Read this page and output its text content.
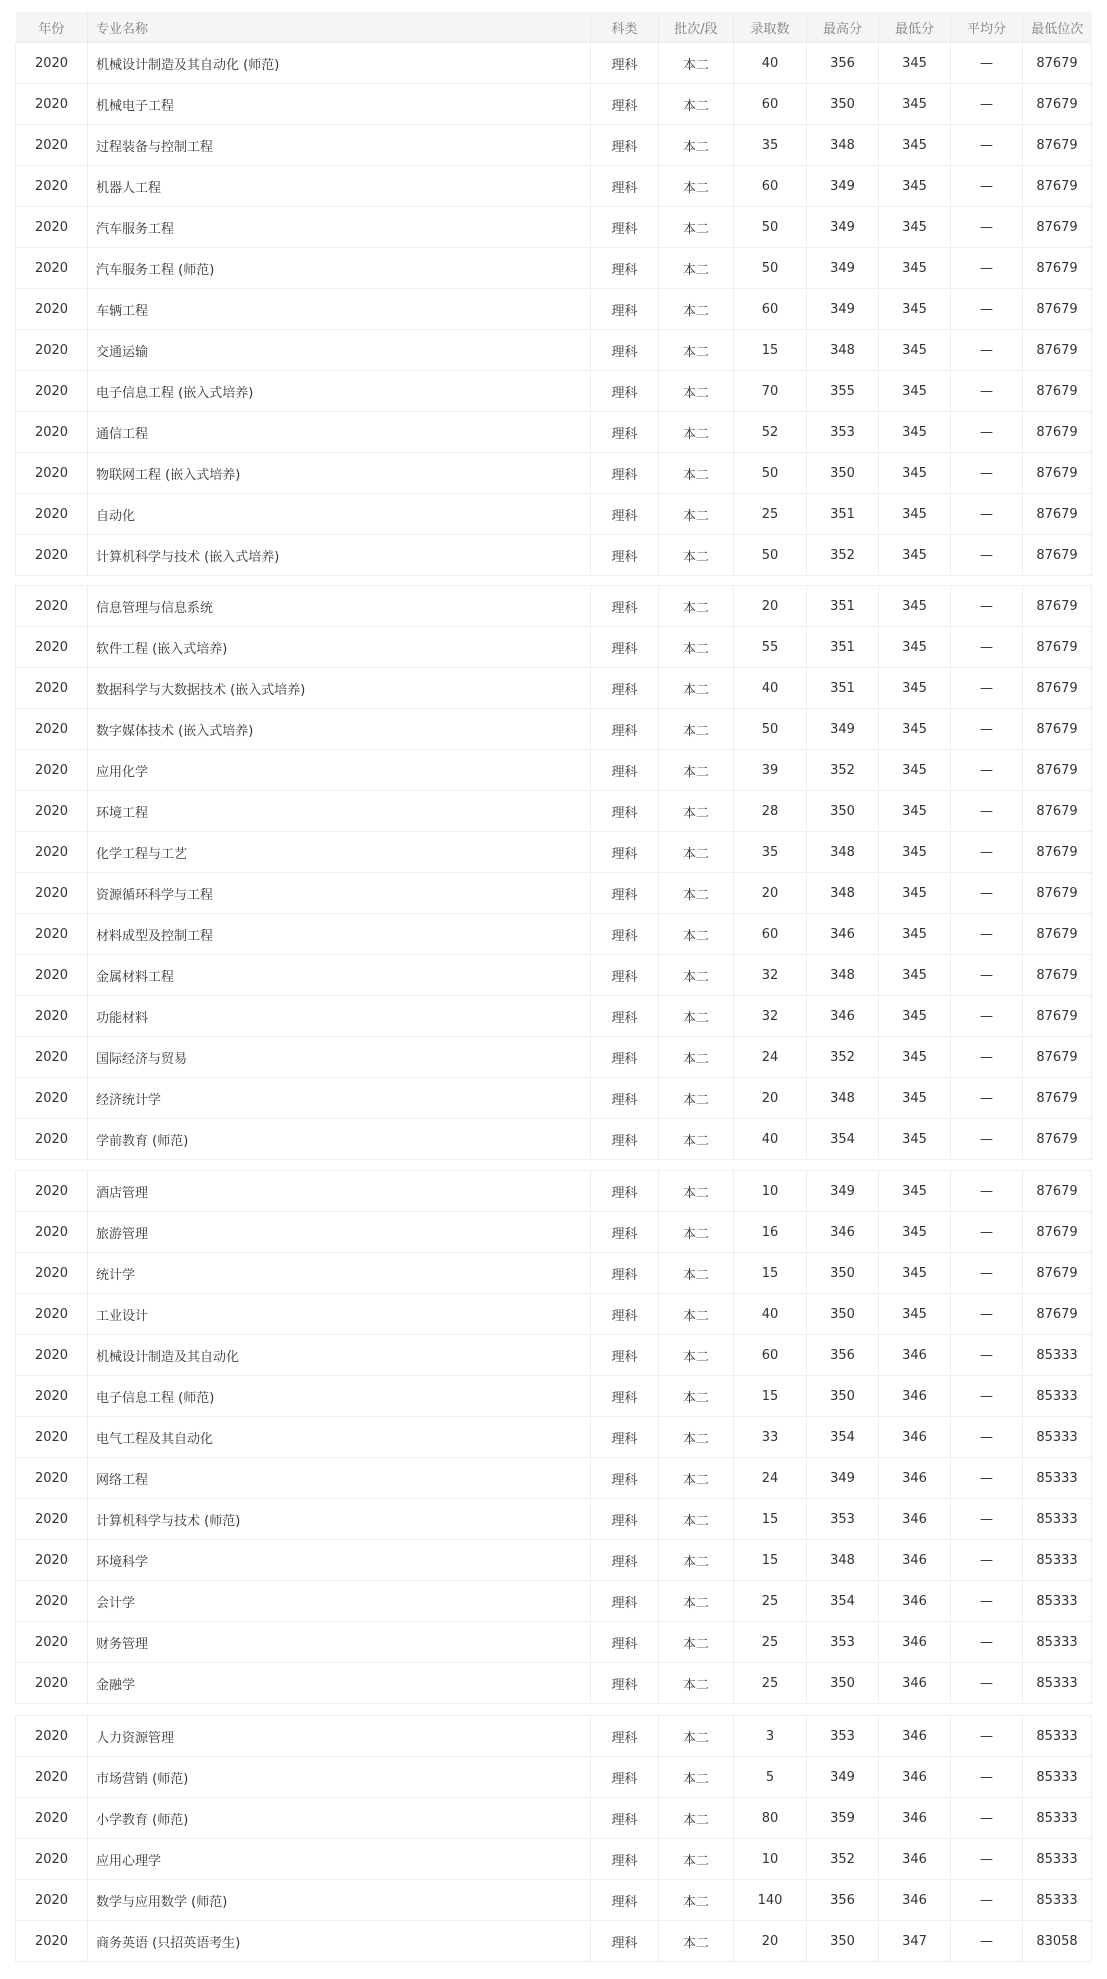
年份	专业名称	科类	批次/段	录取数	最高分	最低分	平均分	最低位次
2020	机械设计制造及其自动化 (师范)	理科	本二	40	356	345	—	87679
2020	机械电子工程	理科	本二	60	350	345	—	87679
2020	过程装备与控制工程	理科	本二	35	348	345	—	87679
2020	机器人工程	理科	本二	60	349	345	—	87679
2020	汽车服务工程	理科	本二	50	349	345	—	87679
2020	汽车服务工程 (师范)	理科	本二	50	349	345	—	87679
2020	车辆工程	理科	本二	60	349	345	—	87679
2020	交通运输	理科	本二	15	348	345	—	87679
2020	电子信息工程 (嵌入式培养)	理科	本二	70	355	345	—	87679
2020	通信工程	理科	本二	52	353	345	—	87679
2020	物联网工程 (嵌入式培养)	理科	本二	50	350	345	—	87679
2020	自动化	理科	本二	25	351	345	—	87679
2020	计算机科学与技术 (嵌入式培养)	理科	本二	50	352	345	—	87679
2020	信息管理与信息系统	理科	本二	20	351	345	—	87679
2020	软件工程 (嵌入式培养)	理科	本二	55	351	345	—	87679
2020	数据科学与大数据技术 (嵌入式培养)	理科	本二	40	351	345	—	87679
2020	数字媒体技术 (嵌入式培养)	理科	本二	50	349	345	—	87679
2020	应用化学	理科	本二	39	352	345	—	87679
2020	环境工程	理科	本二	28	350	345	—	87679
2020	化学工程与工艺	理科	本二	35	348	345	—	87679
2020	资源循环科学与工程	理科	本二	20	348	345	—	87679
2020	材料成型及控制工程	理科	本二	60	346	345	—	87679
2020	金属材料工程	理科	本二	32	348	345	—	87679
2020	功能材料	理科	本二	32	346	345	—	87679
2020	国际经济与贸易	理科	本二	24	352	345	—	87679
2020	经济统计学	理科	本二	20	348	345	—	87679
2020	学前教育 (师范)	理科	本二	40	354	345	—	87679
2020	酒店管理	理科	本二	10	349	345	—	87679
2020	旅游管理	理科	本二	16	346	345	—	87679
2020	统计学	理科	本二	15	350	345	—	87679
2020	工业设计	理科	本二	40	350	345	—	87679
2020	机械设计制造及其自动化	理科	本二	60	356	346	—	85333
2020	电子信息工程 (师范)	理科	本二	15	350	346	—	85333
2020	电气工程及其自动化	理科	本二	33	354	346	—	85333
2020	网络工程	理科	本二	24	349	346	—	85333
2020	计算机科学与技术 (师范)	理科	本二	15	353	346	—	85333
2020	环境科学	理科	本二	15	348	346	—	85333
2020	会计学	理科	本二	25	354	346	—	85333
2020	财务管理	理科	本二	25	353	346	—	85333
2020	金融学	理科	本二	25	350	346	—	85333
2020	人力资源管理	理科	本二	3	353	346	—	85333
2020	市场营销 (师范)	理科	本二	5	349	346	—	85333
2020	小学教育 (师范)	理科	本二	80	359	346	—	85333
2020	应用心理学	理科	本二	10	352	346	—	85333
2020	数学与应用数学 (师范)	理科	本二	140	356	346	—	85333
2020	商务英语 (只招英语考生)	理科	本二	20	350	347	—	83058
